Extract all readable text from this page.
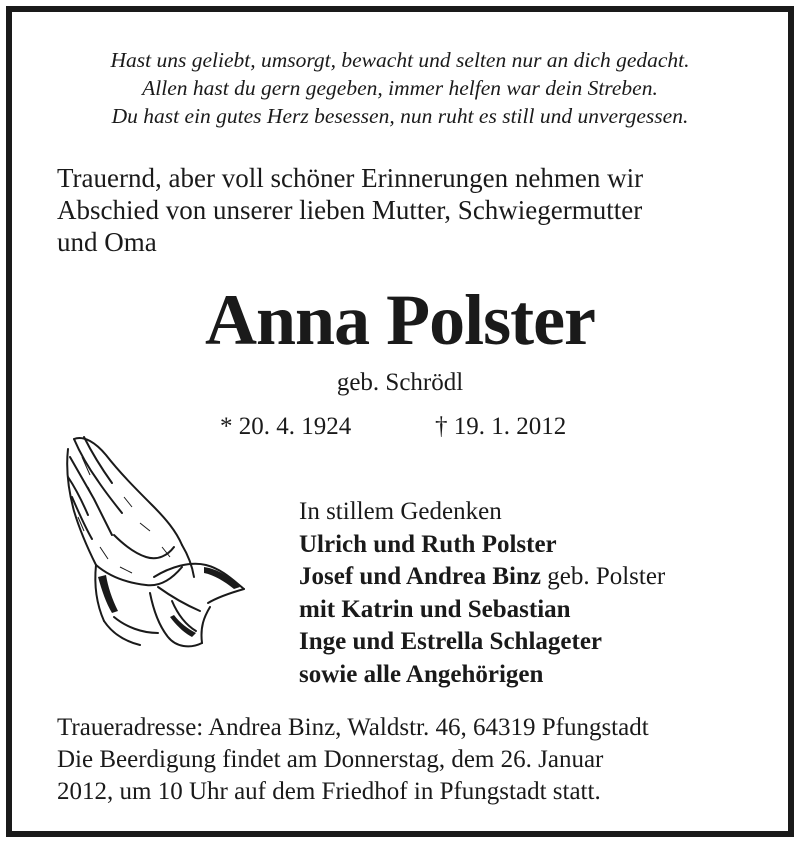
Hast uns geliebt, umsorgt, bewacht und selten nur an dich gedacht.
Allen hast du gern gegeben, immer helfen war dein Streben.
Du hast ein gutes Herz besessen, nun ruht es still und unvergessen.
Trauernd, aber voll schöner Erinnerungen nehmen wir
Abschied von unserer lieben Mutter, Schwiegermutter
und Oma
Anna Polster
geb. Schrödl
* 20. 4. 1924	† 19. 1. 2012
In stillem Gedenken
Ulrich und Ruth Polster
Josef und Andrea Binz geb. Polster
mit Katrin und Sebastian
Inge und Estrella Schlageter
sowie alle Angehörigen
Traueradresse: Andrea Binz, Waldstr. 46, 64319 Pfungstadt
Die Beerdigung findet am Donnerstag, dem 26. Januar
2012, um 10 Uhr auf dem Friedhof in Pfungstadt statt.
